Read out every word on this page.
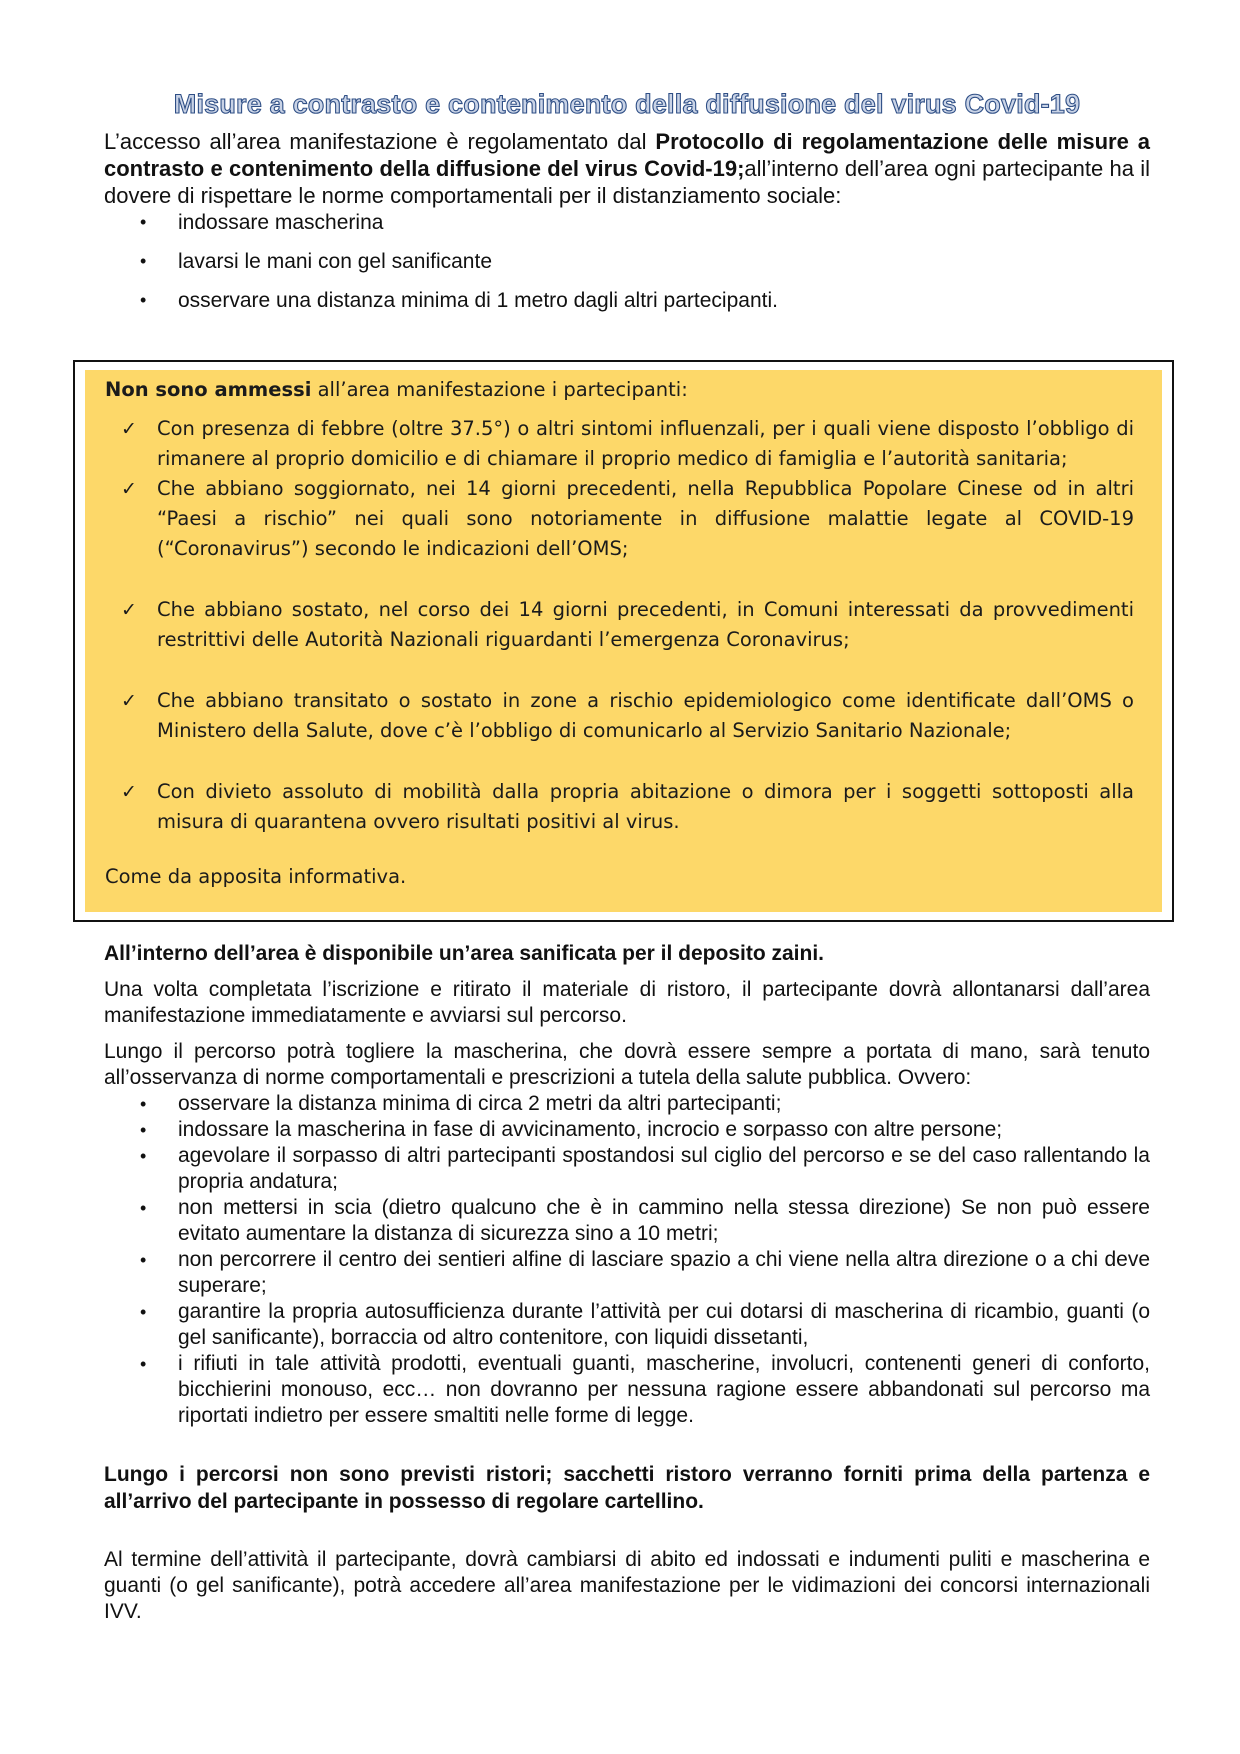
Misure a contrasto e contenimento della diffusione del virus Covid-19

L’accesso all’area manifestazione è regolamentato dal Protocollo di regolamentazione delle misure a contrasto e contenimento della diffusione del virus Covid-19;all’interno dell’area ogni partecipante ha il dovere di rispettare le norme comportamentali per il distanziamento sociale:

• indossare mascherina
• lavarsi le mani con gel sanificante
• osservare una distanza minima di 1 metro dagli altri partecipanti.

Non sono ammessi all’area manifestazione i partecipanti:

✓ Con presenza di febbre (oltre 37.5°) o altri sintomi influenzali, per i quali viene disposto l’obbligo di rimanere al proprio domicilio e di chiamare il proprio medico di famiglia e l’autorità sanitaria;
✓ Che abbiano soggiornato, nei 14 giorni precedenti, nella Repubblica Popolare Cinese od in altri “Paesi a rischio” nei quali sono notoriamente in diffusione malattie legate al COVID-19 (“Coronavirus”) secondo le indicazioni dell’OMS;
✓ Che abbiano sostato, nel corso dei 14 giorni precedenti, in Comuni interessati da provvedimenti restrittivi delle Autorità Nazionali riguardanti l’emergenza Coronavirus;
✓ Che abbiano transitato o sostato in zone a rischio epidemiologico come identificate dall’OMS o Ministero della Salute, dove c’è l’obbligo di comunicarlo al Servizio Sanitario Nazionale;
✓ Con divieto assoluto di mobilità dalla propria abitazione o dimora per i soggetti sottoposti alla misura di quarantena ovvero risultati positivi al virus.

Come da apposita informativa.

All’interno dell’area è disponibile un’area sanificata per il deposito zaini.

Una volta completata l’iscrizione e ritirato il materiale di ristoro, il partecipante dovrà allontanarsi dall’area manifestazione immediatamente e avviarsi sul percorso.

Lungo il percorso potrà togliere la mascherina, che dovrà essere sempre a portata di mano, sarà tenuto all’osservanza di norme comportamentali e prescrizioni a tutela della salute pubblica. Ovvero:

• osservare la distanza minima di circa 2 metri da altri partecipanti;
• indossare la mascherina in fase di avvicinamento, incrocio e sorpasso con altre persone;
• agevolare il sorpasso di altri partecipanti spostandosi sul ciglio del percorso e se del caso rallentando la propria andatura;
• non mettersi in scia (dietro qualcuno che è in cammino nella stessa direzione) Se non può essere evitato aumentare la distanza di sicurezza sino a 10 metri;
• non percorrere il centro dei sentieri alfine di lasciare spazio a chi viene nella altra direzione o a chi deve superare;
• garantire la propria autosufficienza durante l’attività per cui dotarsi di mascherina di ricambio, guanti (o gel sanificante), borraccia od altro contenitore, con liquidi dissetanti,
• i rifiuti in tale attività prodotti, eventuali guanti, mascherine, involucri, contenenti generi di conforto, bicchierini monouso, ecc… non dovranno per nessuna ragione essere abbandonati sul percorso ma riportati indietro per essere smaltiti nelle forme di legge.

Lungo i percorsi non sono previsti ristori; sacchetti ristoro verranno forniti prima della partenza e all’arrivo del partecipante in possesso di regolare cartellino.

Al termine dell’attività il partecipante, dovrà cambiarsi di abito ed indossati e indumenti puliti e mascherina e guanti (o gel sanificante), potrà accedere all’area manifestazione per le vidimazioni dei concorsi internazionali IVV.
